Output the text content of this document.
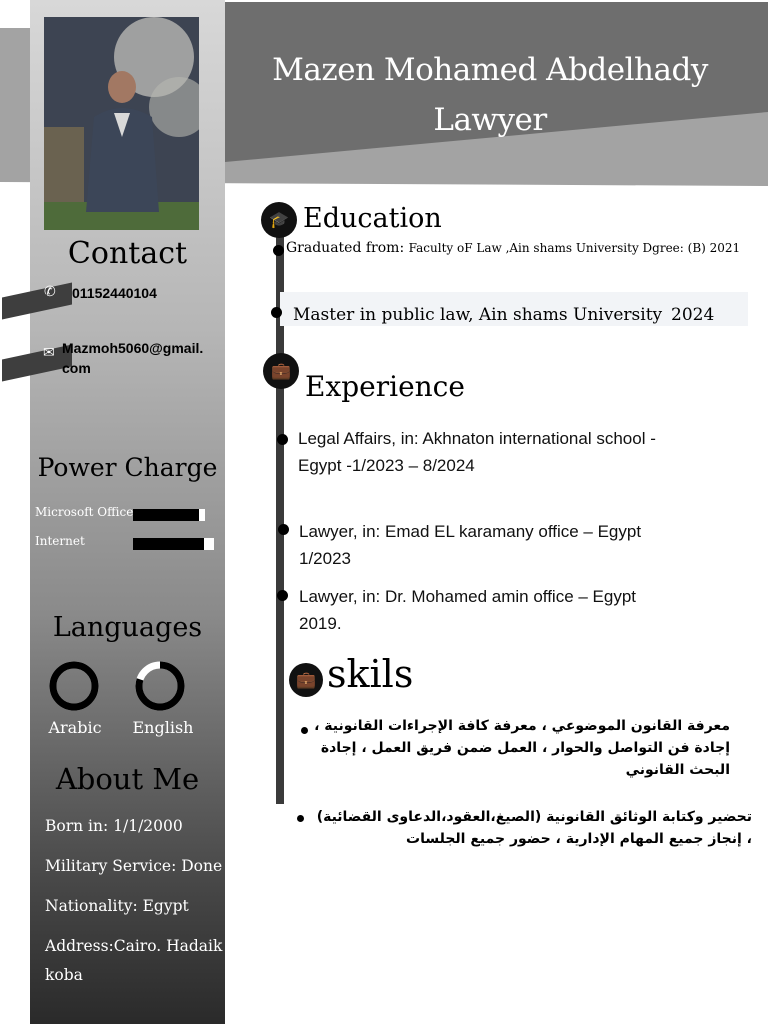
Mazen Mohamed Abdelhady
Lawyer
Contact
✆ 01152440104
✉ Mazmoh5060@gmail.
com
Power Charge
Microsoft Office
Internet
Languages
Arabic	English
About Me
Born in: 1/1/2000
Military Service: Done
Nationality: Egypt
Address:Cairo. Hadaik EL
koba
🎓 Education
Graduated from: Faculty oF Law ,Ain shams University Dgree: (B) 2021
Master in public law, Ain shams University 2024
💼 Experience
Legal Affairs, in: Akhnaton international school -
Egypt -1/2023 – 8/2024
Lawyer, in: Emad EL karamany office – Egypt
1/2023
Lawyer, in: Dr. Mohamed amin office – Egypt
2019.
💼 skils
معرفة القانون الموضوعي ، معرفة كافة الإجراءات القانونية ،
إجادة فن التواصل والحوار ، العمل ضمن فريق العمل ، إجادة
البحث القانوني
تحضير وكتابة الوثائق القانونية (الصيغ،العقود،الدعاوى القضائية)
، إنجاز جميع المهام الإدارية ، حضور جميع الجلسات
